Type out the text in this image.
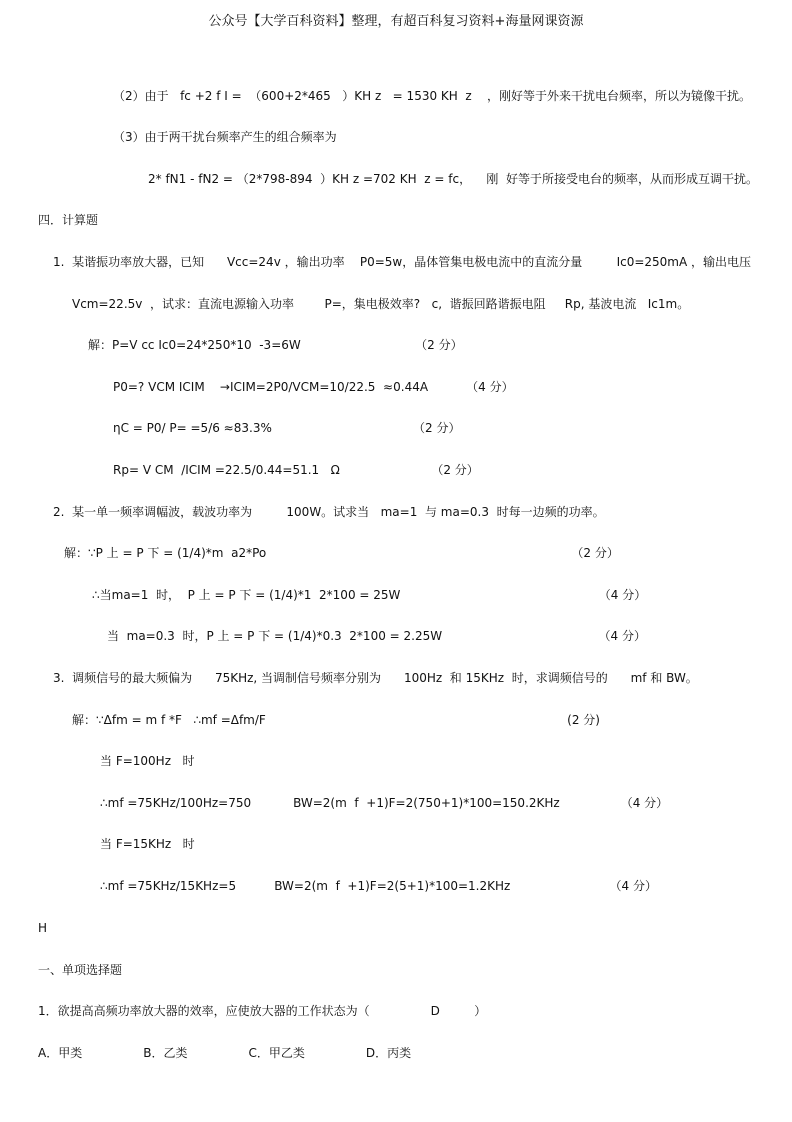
公众号【大学百科资料】整理，有超百科复习资料+海量网课资源
（2）由于   fc +2 f I =  （600+2*465   ）KH z   = 1530 KH  z    ，刚好等于外来干扰电台频率，所以为镜像干扰。
（3）由于两干扰台频率产生的组合频率为
2* fN1 - fN2 = （2*798-894  ）KH z =702 KH  z = fc，    刚  好等于所接受电台的频率，从而形成互调干扰。
四．计算题
1.  某谐振功率放大器，已知      Vcc=24v ，输出功率    P0=5w，晶体管集电极电流中的直流分量         Ic0=250mA ，输出电压
Vcm=22.5v  ，试求：直流电源输入功率        P=，集电极效率?   c,  谐振回路谐振电阻     Rp, 基波电流   Ic1m。
解：P=V cc Ic0=24*250*10  -3=6W                              （2 分）
P0=? VCM ICIM    →ICIM=2P0/VCM=10/22.5  ≈0.44A          （4 分）
ηC = P0/ P= =5/6 ≈83.3%                                     （2 分）
Rp= V CM  /ICIM =22.5/0.44=51.1   Ω                        （2 分）
2.  某一单一频率调幅波，载波功率为         100W。试求当   ma=1  与 ma=0.3  时每一边频的功率。
解：∵P 上 = P 下 = (1/4)*m  a2*Po                                                                                （2 分）
∴当ma=1  时，  P 上 = P 下 = (1/4)*1  2*100 = 25W                                                    （4 分）
当  ma=0.3  时，P 上 = P 下 = (1/4)*0.3  2*100 = 2.25W                                         （4 分）
3.  调频信号的最大频偏为      75KHz, 当调制信号频率分别为      100Hz  和 15KHz  时，求调频信号的      mf 和 BW。
解：∵Δfm = m f *F   ∴mf =Δfm/F                                                                               (2 分)
当 F=100Hz   时
∴mf =75KHz/100Hz=750           BW=2(m  f  +1)F=2(750+1)*100=150.2KHz                （4 分）
当 F=15KHz   时
∴mf =75KHz/15KHz=5          BW=2(m  f  +1)F=2(5+1)*100=1.2KHz                          （4 分）
H
一、单项选择题
1．欲提高高频功率放大器的效率，应使放大器的工作状态为（                D         ）
A．甲类                B．乙类                C．甲乙类                D．丙类
